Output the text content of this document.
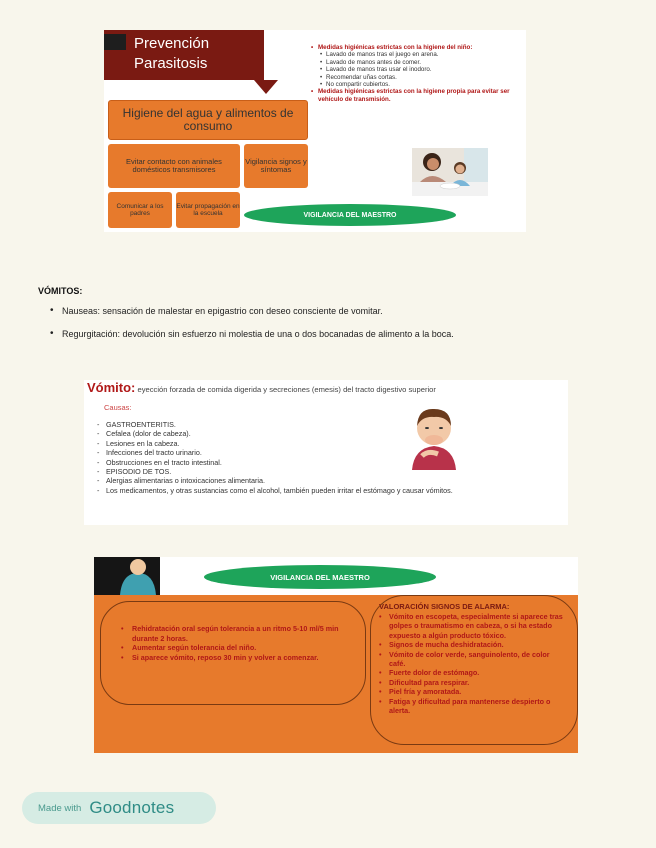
Prevención Parasitosis
• Medidas higiénicas estrictas con la higiene del niño:
• Lavado de manos tras el juego en arena.
• Lavado de manos antes de comer.
• Lavado de manos tras usar el inodoro.
• Recomendar uñas cortas.
• No compartir cubiertos.
• Medidas higiénicas estrictas con la higiene propia para evitar ser vehículo de transmisión.
Higiene del agua y alimentos de consumo
Evitar contacto con animales domésticos transmisores
Vigilancia signos y síntomas
Comunicar a los padres
Evitar propagación en la escuela	VIGILANCIA DEL MAESTRO
VÓMITOS:
• Nauseas: sensación de malestar en epigastrio con deseo consciente de vomitar.
• Regurgitación: devolución sin esfuerzo ni molestia de una o dos bocanadas de alimento a la boca.
Vómito: eyección forzada de comida digerida y secreciones (emesis) del tracto digestivo superior
Causas:
- GASTROENTERITIS.
- Cefalea (dolor de cabeza).
- Lesiones en la cabeza.
- Infecciones del tracto urinario.
- Obstrucciones en el tracto intestinal.
- EPISODIO DE TOS.
- Alergias alimentarias o intoxicaciones alimentaria.
- Los medicamentos, y otras sustancias como el alcohol, también pueden irritar el estómago y causar vómitos.
VIGILANCIA DEL MAESTRO
• Rehidratación oral según tolerancia a un ritmo 5-10 ml/5 min durante 2 horas.
• Aumentar según tolerancia del niño.
• Si aparece vómito, reposo 30 min y volver a comenzar.
VALORACIÓN SIGNOS DE ALARMA:
• Vómito en escopeta, especialmente si aparece tras golpes o traumatismo en cabeza, o si ha estado expuesto a algún producto tóxico.
• Signos de mucha deshidratación.
• Vómito de color verde, sanguinolento, de color café.
• Fuerte dolor de estómago.
• Dificultad para respirar.
• Piel fría y amoratada.
• Fatiga y dificultad para mantenerse despierto o alerta.
Made with Goodnotes
